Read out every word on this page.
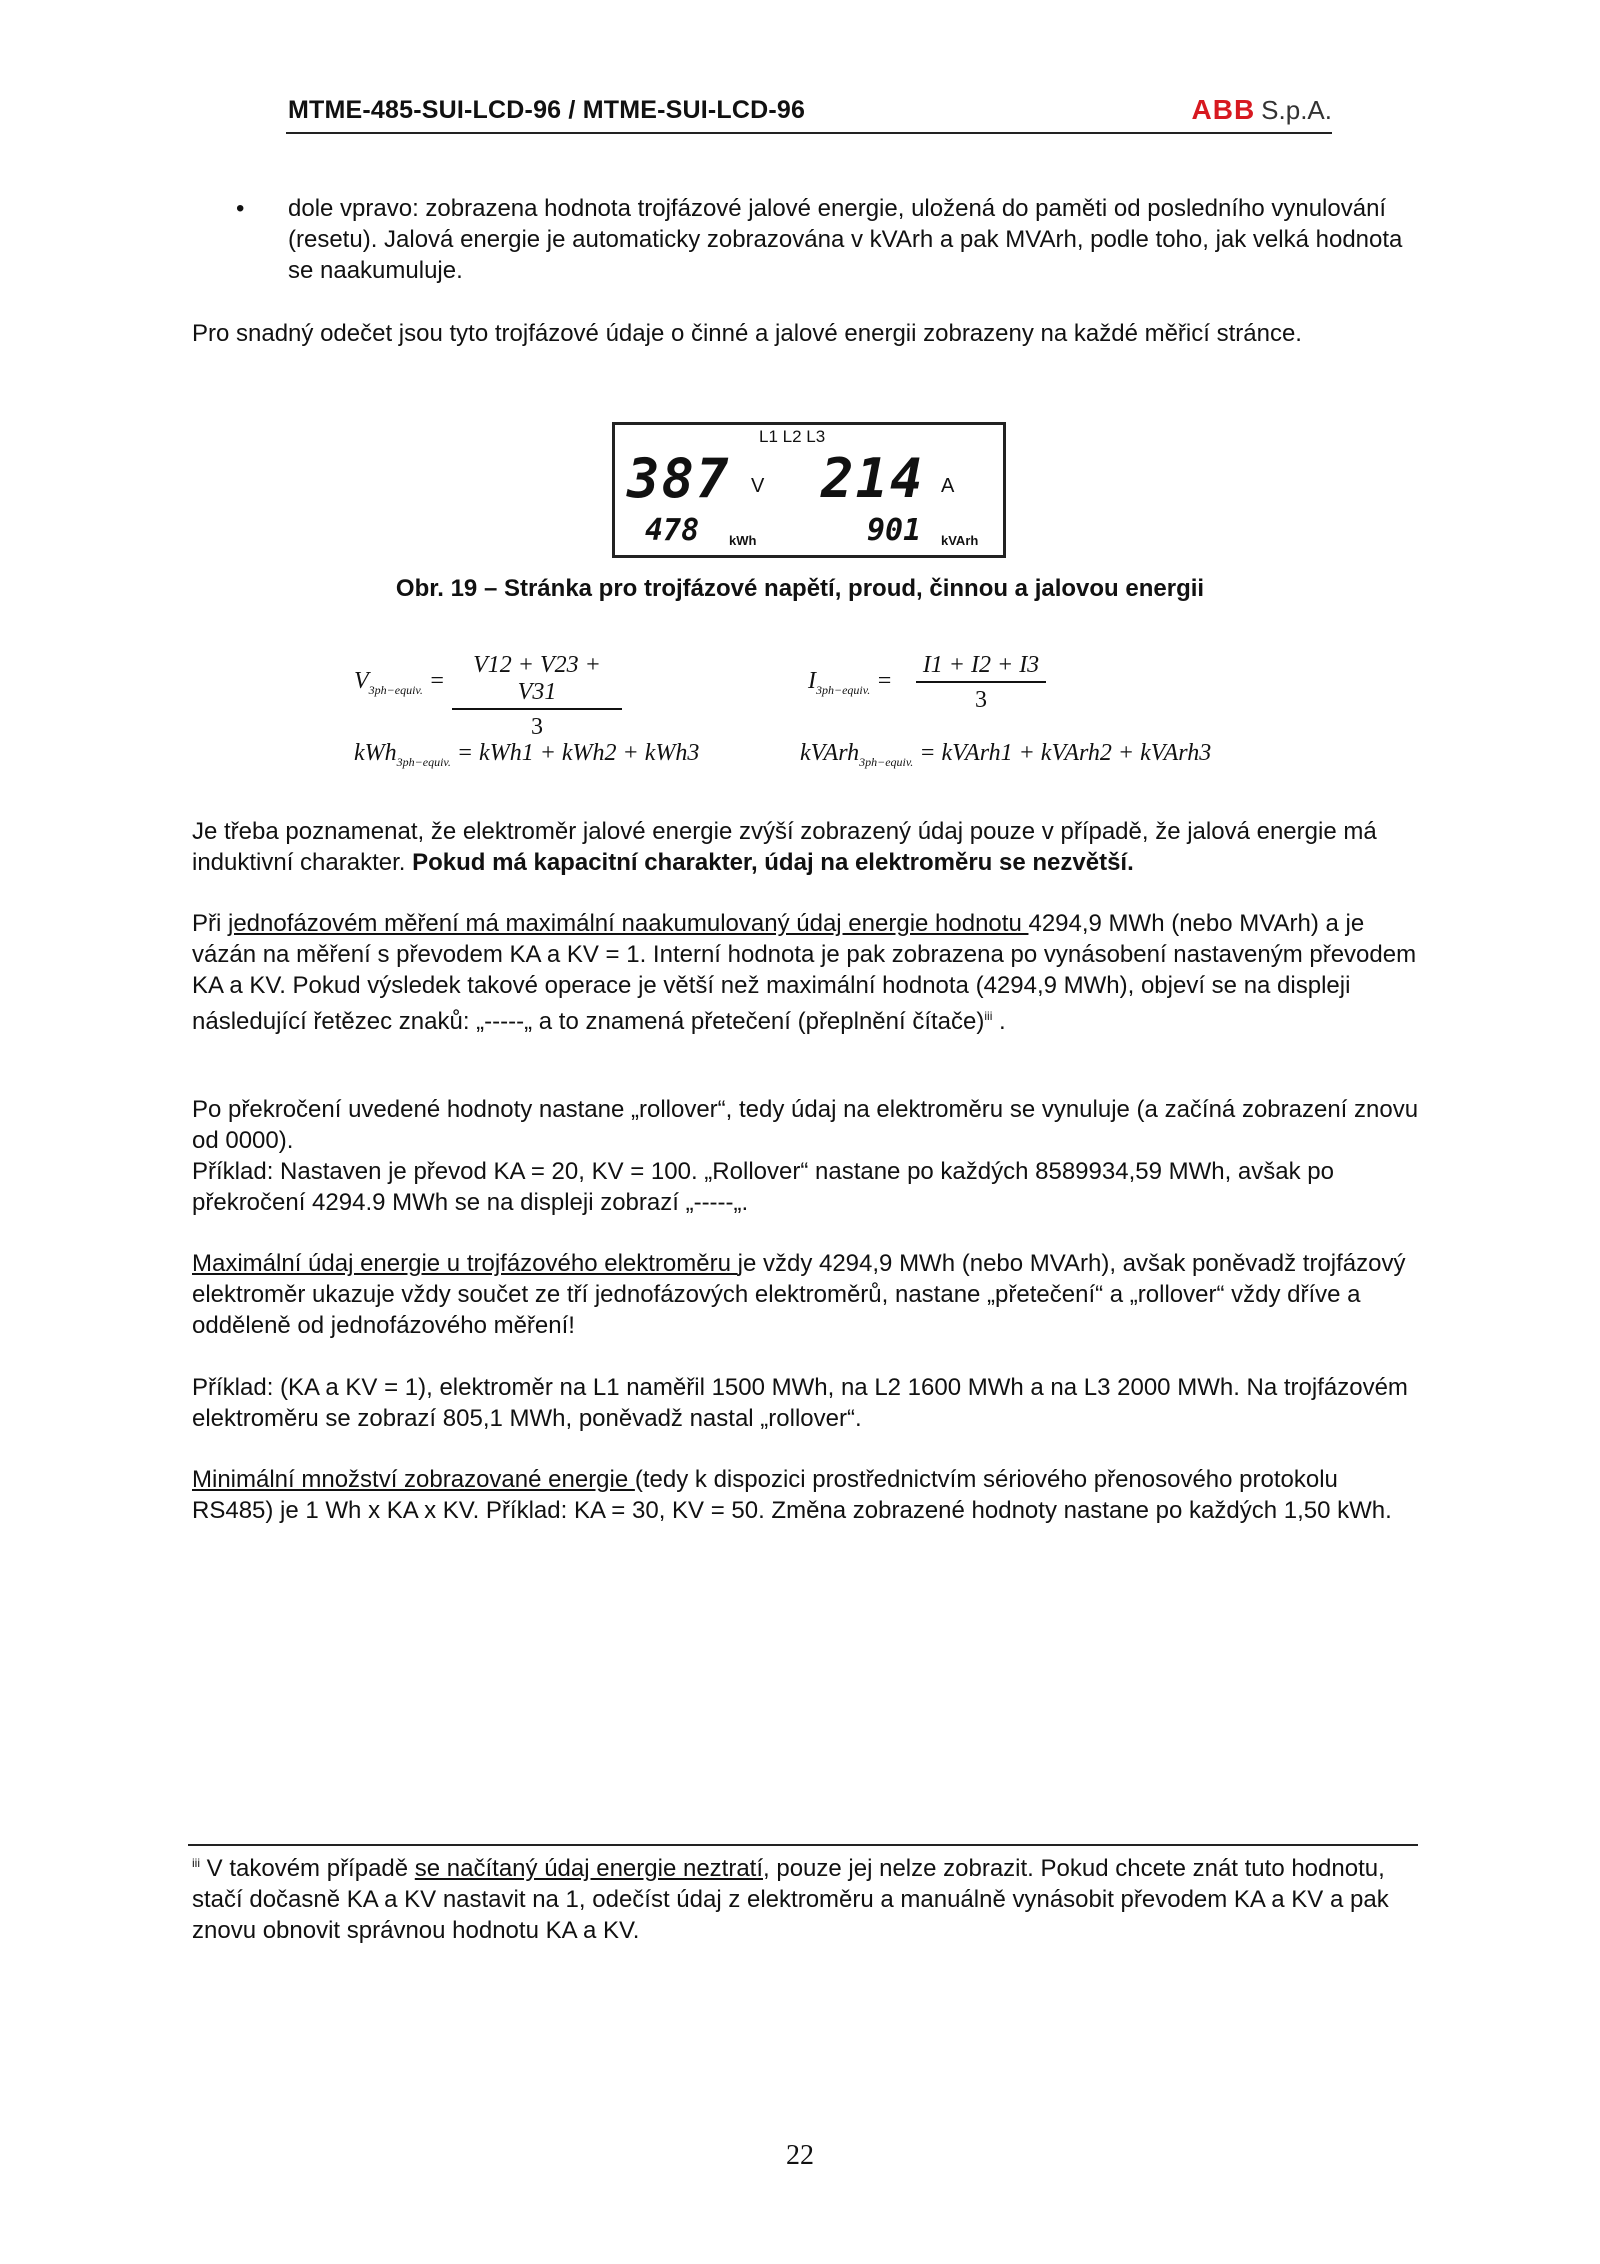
MTME-485-SUI-LCD-96 / MTME-SUI-LCD-96	ABB S.p.A.
• dole vpravo: zobrazena hodnota trojfázové jalové energie, uložená do paměti od posledního vynulování (resetu). Jalová energie je automaticky zobrazována v kVArh a pak MVArh, podle toho, jak velká hodnota se naakumuluje.

Pro snadný odečet jsou tyto trojfázové údaje o činné a jalové energii zobrazeny na každé měřicí stránce.

L1 L2 L3
387 V 214 A
478 kWh	901 kVArh
Obr. 19 – Stránka pro trojfázové napětí, proud, činnou a jalovou energii
$V_{3ph-equiv.} = \frac{V12 + V23 + V31}{3}$	$I_{3ph-equiv.} = \frac{I1 + I2 + I3}{3}$
kWh$_{3ph-equiv.}$ = kWh1 + kWh2 + kWh3	kVArh$_{3ph-equiv.}$ = kVArh1 + kVArh2 + kVArh3

Je třeba poznamenat, že elektroměr jalové energie zvýší zobrazený údaj pouze v případě, že jalová energie má induktivní charakter. Pokud má kapacitní charakter, údaj na elektroměru se nezvětší.

Při jednofázovém měření má maximální naakumulovaný údaj energie hodnotu 4294,9 MWh (nebo MVArh) a je vázán na měření s převodem KA a KV = 1. Interní hodnota je pak zobrazena po vynásobení nastaveným převodem KA a KV. Pokud výsledek takové operace je větší než maximální hodnota (4294,9 MWh), objeví se na displeji následující řetězec znaků: „-----„ a to znamená přetečení (přeplnění čítače)$^{iii}$ .

Po překročení uvedené hodnoty nastane „rollover“, tedy údaj na elektroměru se vynuluje (a začíná zobrazení znovu od 0000).

Příklad: Nastaven je převod KA = 20, KV = 100. „Rollover“ nastane po každých 8589934,59 MWh, avšak po překročení 4294.9 MWh se na displeji zobrazí „-----„.

Maximální údaj energie u trojfázového elektroměru je vždy 4294,9 MWh (nebo MVArh), avšak poněvadž trojfázový elektroměr ukazuje vždy součet ze tří jednofázových elektroměrů, nastane „přetečení“ a „rollover“ vždy dříve a odděleně od jednofázového měření!

Příklad: (KA a KV = 1), elektroměr na L1 naměřil 1500 MWh, na L2 1600 MWh a na L3 2000 MWh. Na trojfázovém elektroměru se zobrazí 805,1 MWh, poněvadž nastal „rollover“.

Minimální množství zobrazované energie (tedy k dispozici prostřednictvím sériového přenosového protokolu RS485) je 1 Wh x KA x KV. Příklad: KA = 30, KV = 50. Změna zobrazené hodnoty nastane po každých 1,50 kWh.

$^{iii}$ V takovém případě se načítaný údaj energie neztratí, pouze jej nelze zobrazit. Pokud chcete znát tuto hodnotu, stačí dočasně KA a KV nastavit na 1, odečíst údaj z elektroměru a manuálně vynásobit převodem KA a KV a pak znovu obnovit správnou hodnotu KA a KV.

22
